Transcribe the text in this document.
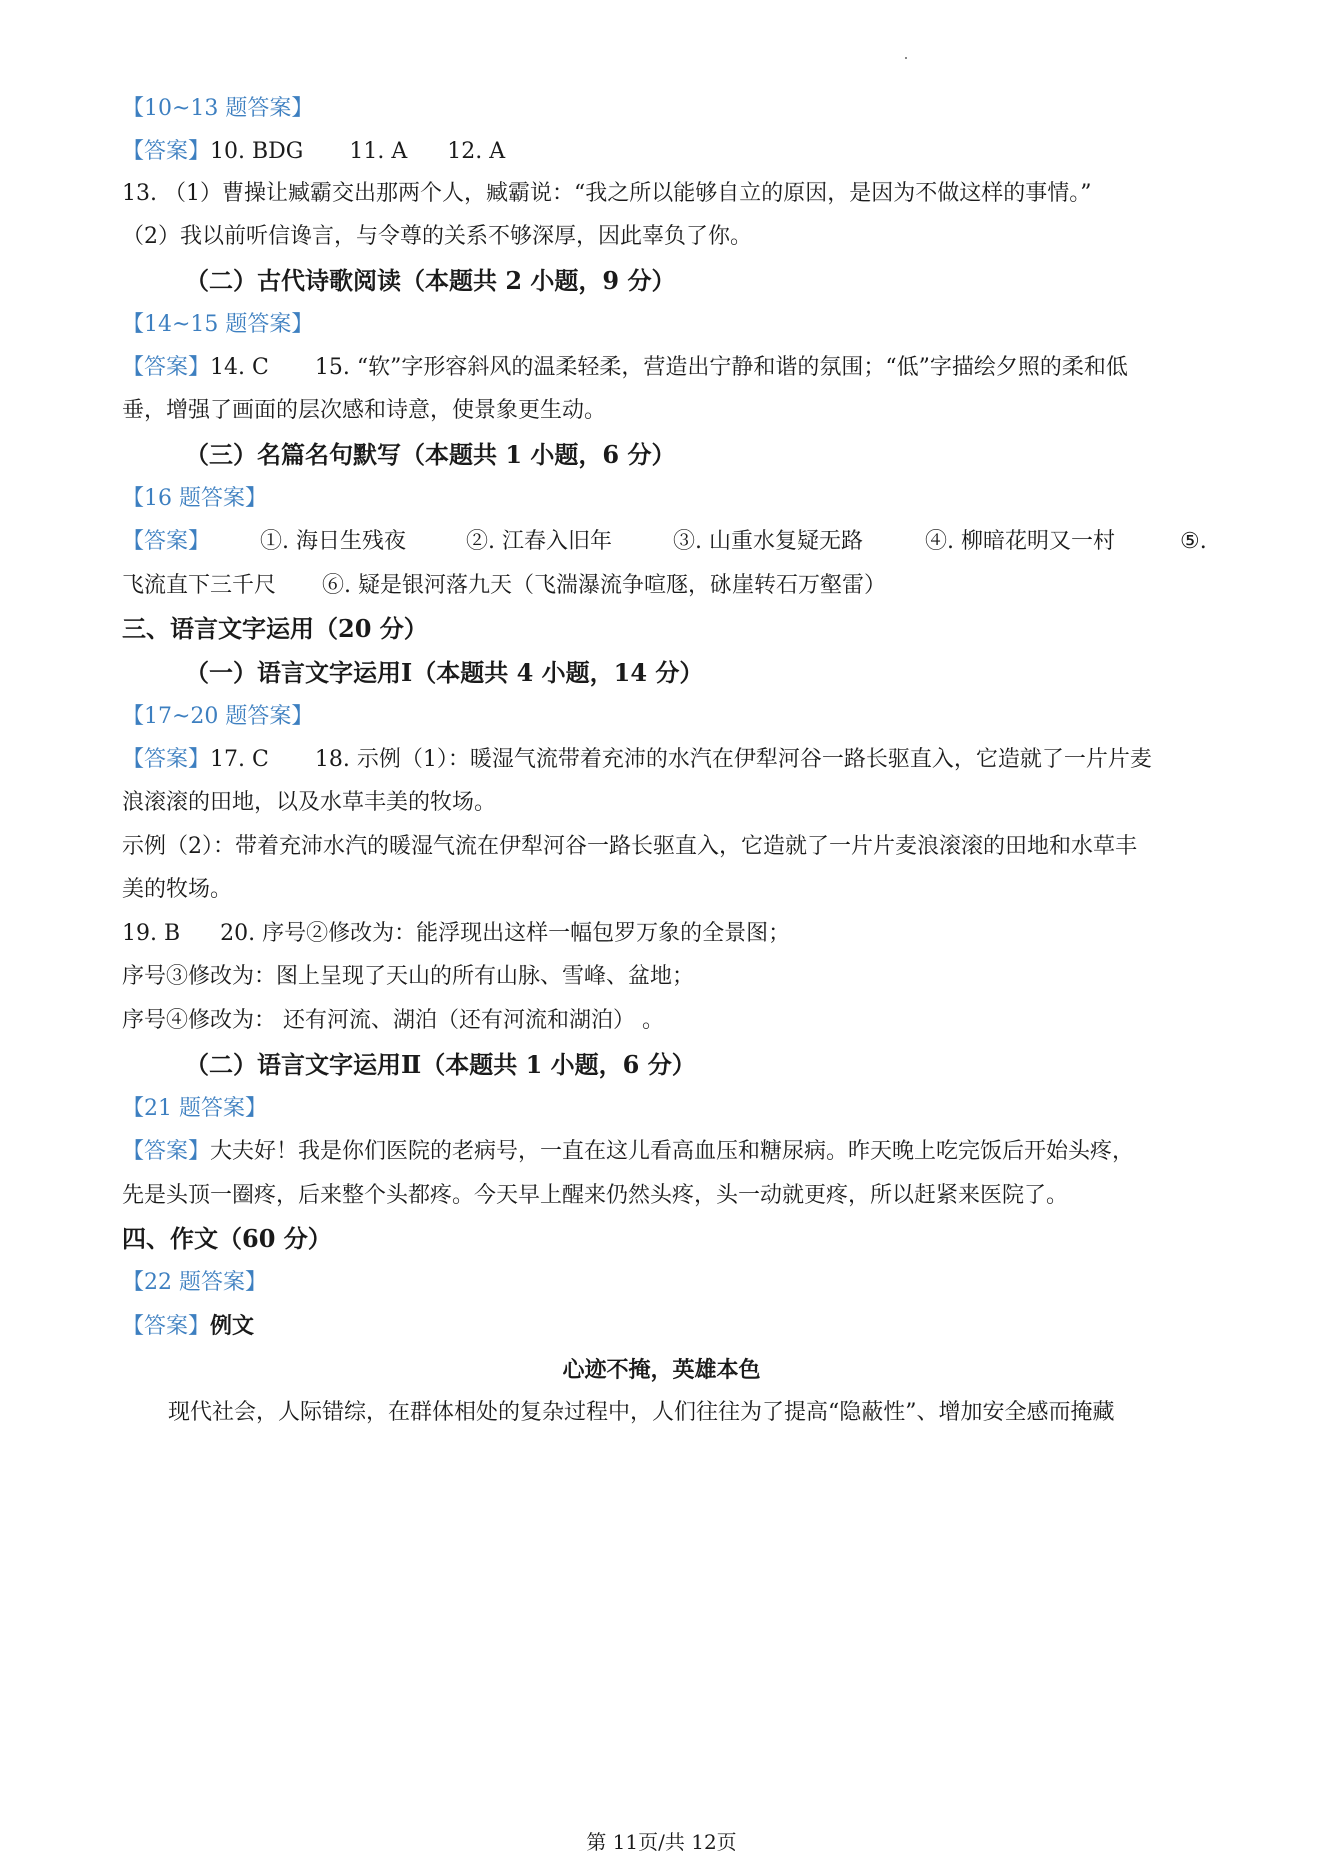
【10~13 题答案】
【答案】10. BDG 11. A 12. A
13. （1）曹操让臧霸交出那两个人，臧霸说：“我之所以能够自立的原因，是因为不做这样的事情。”
（2）我以前听信谗言，与令尊的关系不够深厚，因此辜负了你。
（二）古代诗歌阅读（本题共 2 小题，9 分）
【14~15 题答案】
【答案】14. C 15. “软”字形容斜风的温柔轻柔，营造出宁静和谐的氛围；“低”字描绘夕照的柔和低
垂，增强了画面的层次感和诗意，使景象更生动。
（三）名篇名句默写（本题共 1 小题，6 分）
【16 题答案】
【答案】 ①. 海日生残夜	②. 江春入旧年	③. 山重水复疑无路	④. 柳暗花明又一村	⑤.
飞流直下三千尺 ⑥. 疑是银河落九天（飞湍瀑流争喧豗，砯崖转石万壑雷）
三、语言文字运用（20 分）
（一）语言文字运用Ⅰ（本题共 4 小题，14 分）
【17~20 题答案】
【答案】17. C 18. 示例（1）：暖湿气流带着充沛的水汽在伊犁河谷一路长驱直入，它造就了一片片麦
浪滚滚的田地，以及水草丰美的牧场。
示例（2）：带着充沛水汽的暖湿气流在伊犁河谷一路长驱直入，它造就了一片片麦浪滚滚的田地和水草丰
美的牧场。
19. B 20. 序号②修改为：能浮现出这样一幅包罗万象的全景图；
序号③修改为：图上呈现了天山的所有山脉、雪峰、盆地；
序号④修改为： 还有河流、湖泊（还有河流和湖泊） 。
（二）语言文字运用Ⅱ（本题共 1 小题，6 分）
【21 题答案】
【答案】大夫好！我是你们医院的老病号，一直在这儿看高血压和糖尿病。昨天晚上吃完饭后开始头疼，
先是头顶一圈疼，后来整个头都疼。今天早上醒来仍然头疼，头一动就更疼，所以赶紧来医院了。
四、作文（60 分）
【22 题答案】
【答案】例文
心迹不掩，英雄本色
现代社会，人际错综，在群体相处的复杂过程中，人们往往为了提高“隐蔽性”、增加安全感而掩藏
第 11页/共 12页
